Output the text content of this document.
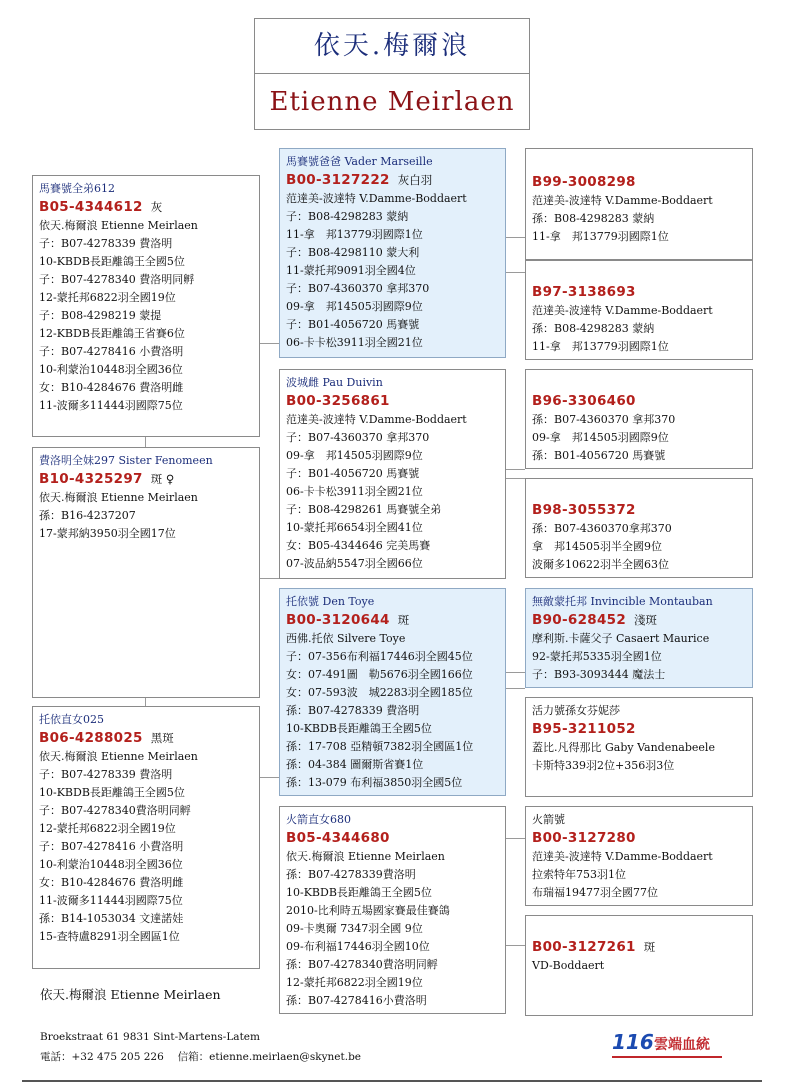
依天.梅爾浪
Etienne Meirlaen
馬賽號全弟612
B05-4344612 灰
依天.梅爾浪 Etienne Meirlaen
子：B07-4278339 費洛明
10-KBDB長距離鴿王全國5位
子：B07-4278340 費洛明同孵
12-蒙托邦6822羽全國19位
子：B08-4298219 蒙提
12-KBDB長距離鴿王省賽6位
子：B07-4278416 小費洛明
10-利蒙治10448羽全國36位
女：B10-4284676 費洛明雌
11-波爾多11444羽國際75位
費洛明全妹297 Sister Fenomeen
B10-4325297 斑 ♀
依天.梅爾浪 Etienne Meirlaen
孫：B16-4237207
17-蒙邦納3950羽全國17位
托依直女025
B06-4288025 黑斑
依天.梅爾浪 Etienne Meirlaen
子：B07-4278339 費洛明
10-KBDB長距離鴿王全國5位
子：B07-4278340費洛明同孵
12-蒙托邦6822羽全國19位
子：B07-4278416 小費洛明
10-利蒙治10448羽全國36位
女：B10-4284676 費洛明雌
11-波爾多11444羽國際75位
孫：B14-1053034 文達諾娃
15-查特盧8291羽全國區1位
馬賽號爸爸 Vader Marseille
B00-3127222 灰白羽
范達美-波達特 V.Damme-Boddaert
子：B08-4298283 蒙納
11-拿　邦13779羽國際1位
子：B08-4298110 蒙大利
11-蒙托邦9091羽全國4位
子：B07-4360370 拿邦370
09-拿　邦14505羽國際9位
子：B01-4056720 馬賽號
06-卡卡松3911羽全國21位
波城雌 Pau Duivin
B00-3256861
范達美-波達特 V.Damme-Boddaert
子：B07-4360370 拿邦370
09-拿　邦14505羽國際9位
子：B01-4056720 馬賽號
06-卡卡松3911羽全國21位
子：B08-4298261 馬賽號全弟
10-蒙托邦6654羽全國41位
女：B05-4344646 完美馬賽
07-波品納5547羽全國66位
托依號 Den Toye
B00-3120644 斑
西佛.托依 Silvere Toye
子：07-356布利福17446羽全國45位
女：07-491圖　勒5676羽全國166位
女：07-593波　城2283羽全國185位
孫：B07-4278339 費洛明
10-KBDB長距離鴿王全國5位
孫：17-708 亞精頓7382羽全國區1位
孫：04-384 圖爾斯省賽1位
孫：13-079 布利福3850羽全國5位
火箭直女680
B05-4344680
依天.梅爾浪 Etienne Meirlaen
孫：B07-4278339費洛明
10-KBDB長距離鴿王全國5位
2010-比利時五場國家賽最佳賽鴿
09-卡奧爾 7347羽全國 9位
09-布利福17446羽全國10位
孫：B07-4278340費洛明同孵
12-蒙托邦6822羽全國19位
孫：B07-4278416小費洛明
B99-3008298
范達美-波達特 V.Damme-Boddaert
孫：B08-4298283 蒙納
11-拿　邦13779羽國際1位
B97-3138693
范達美-波達特 V.Damme-Boddaert
孫：B08-4298283 蒙納
11-拿　邦13779羽國際1位
B96-3306460
孫：B07-4360370 拿邦370
09-拿　邦14505羽國際9位
孫：B01-4056720 馬賽號
B98-3055372
孫：B07-4360370拿邦370
拿　邦14505羽半全國9位
波爾多10622羽半全國63位
無敵蒙托邦 Invincible Montauban
B90-628452 淺斑
摩利斯.卡薩父子 Casaert Maurice
92-蒙托邦5335羽全國1位
子：B93-3093444 魔法士
活力號孫女芬妮莎
B95-3211052
蓋比.凡得那比 Gaby Vandenabeele
卡斯特339羽2位+356羽3位
火箭號
B00-3127280
范達美-波達特 V.Damme-Boddaert
拉索特年753羽1位
布瑞福19477羽全國77位
B00-3127261 斑
VD-Boddaert
依天.梅爾浪 Etienne Meirlaen
Broekstraat 61 9831 Sint-Martens-Latem
電話：+32 475 205 226　 信箱：etienne.meirlaen@skynet.be
116 雲端血統
